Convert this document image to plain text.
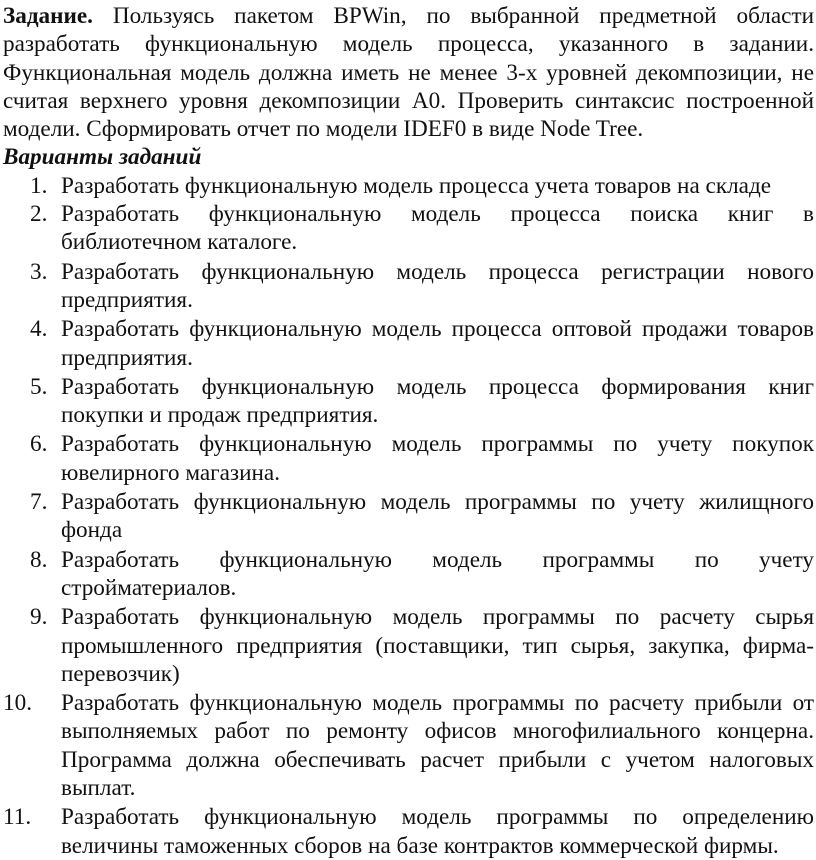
Задание. Пользуясь пакетом BPWin, по выбранной предметной области разработать функциональную модель процесса, указанного в задании. Функциональная модель должна иметь не менее 3-х уровней декомпозиции, не считая верхнего уровня декомпозиции A0. Проверить синтаксис построенной модели. Сформировать отчет по модели IDEF0 в виде Node Tree.

Варианты заданий

1. Разработать функциональную модель процесса учета товаров на складе
2. Разработать функциональную модель процесса поиска книг в библиотечном каталоге.
3. Разработать функциональную модель процесса регистрации нового предприятия.
4. Разработать функциональную модель процесса оптовой продажи товаров предприятия.
5. Разработать функциональную модель процесса формирования книг покупки и продаж предприятия.
6. Разработать функциональную модель программы по учету покупок ювелирного магазина.
7. Разработать функциональную модель программы по учету жилищного фонда
8. Разработать функциональную модель программы по учету стройматериалов.
9. Разработать функциональную модель программы по расчету сырья промышленного предприятия (поставщики, тип сырья, закупка, фирма-перевозчик)
10. Разработать функциональную модель программы по расчету прибыли от выполняемых работ по ремонту офисов многофилиального концерна. Программа должна обеспечивать расчет прибыли с учетом налоговых выплат.
11. Разработать функциональную модель программы по определению величины таможенных сборов на базе контрактов коммерческой фирмы.
